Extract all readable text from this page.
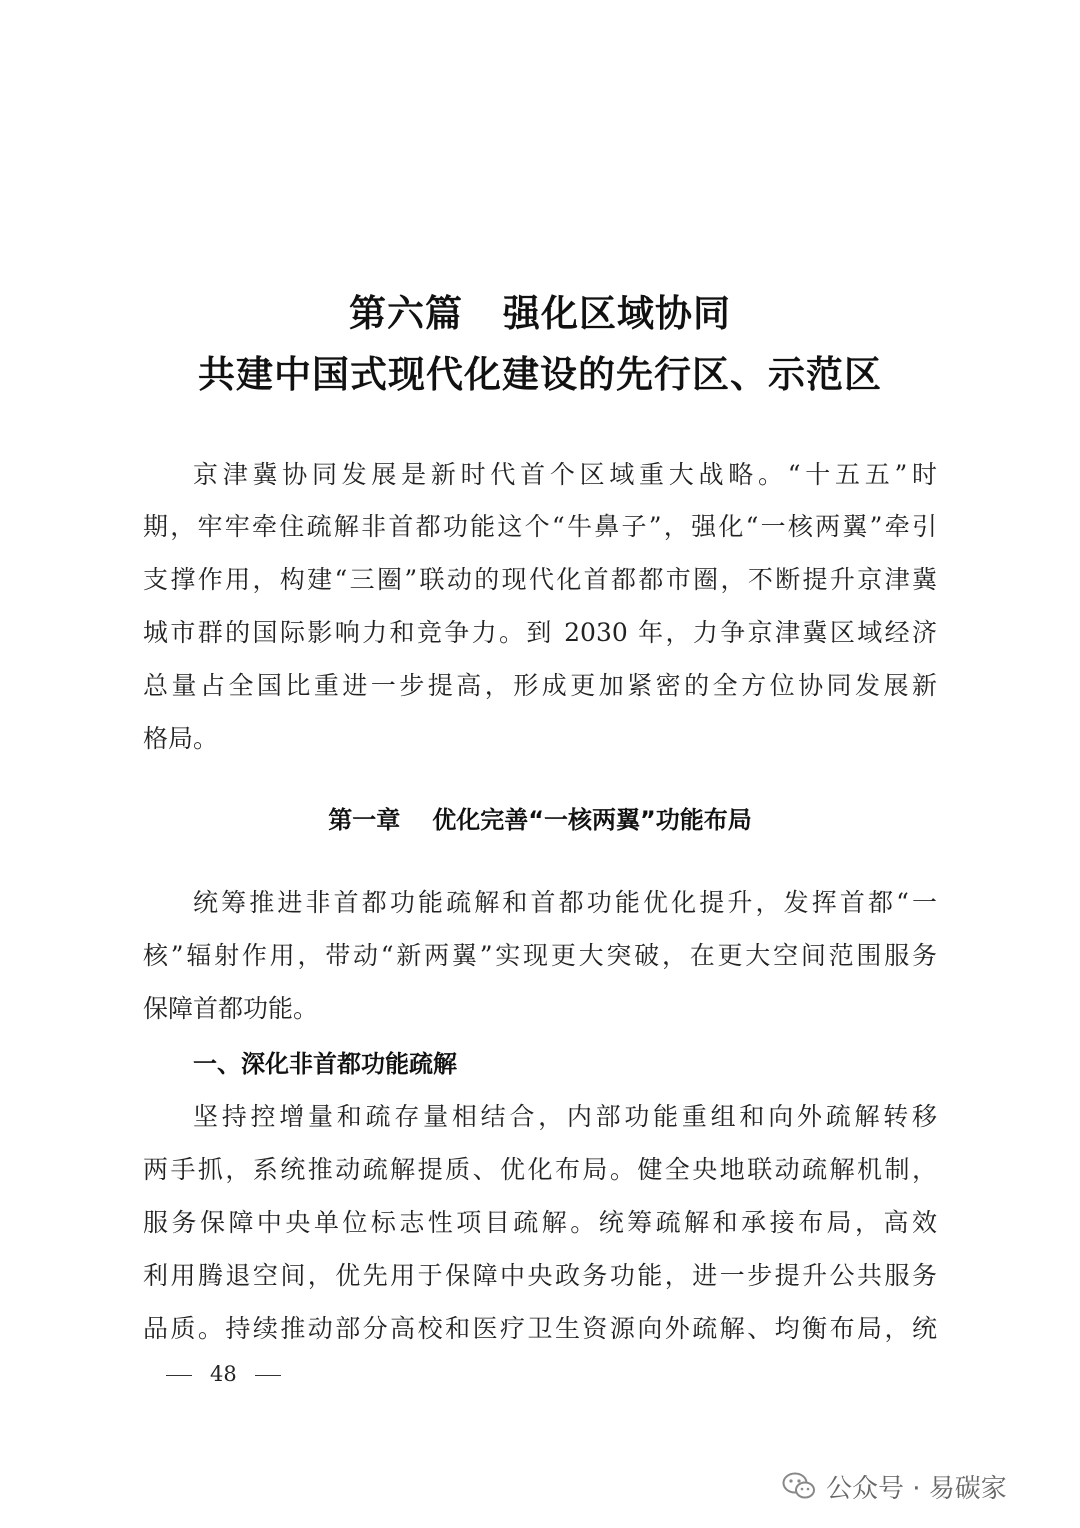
第六篇 强化区域协同
共建中国式现代化建设的先行区、示范区
京津冀协同发展是新时代首个区域重大战略。“十五五”时
期，牢牢牵住疏解非首都功能这个“牛鼻子”，强化“一核两翼”牵引
支撑作用，构建“三圈”联动的现代化首都都市圈，不断提升京津冀
城市群的国际影响力和竞争力。到 2030 年，力争京津冀区域经济
总量占全国比重进一步提高，形成更加紧密的全方位协同发展新
格局。
第一章 优化完善“一核两翼”功能布局
统筹推进非首都功能疏解和首都功能优化提升，发挥首都“一
核”辐射作用，带动“新两翼”实现更大突破，在更大空间范围服务
保障首都功能。
一、深化非首都功能疏解
坚持控增量和疏存量相结合，内部功能重组和向外疏解转移
两手抓，系统推动疏解提质、优化布局。健全央地联动疏解机制，
服务保障中央单位标志性项目疏解。统筹疏解和承接布局，高效
利用腾退空间，优先用于保障中央政务功能，进一步提升公共服务
品质。持续推动部分高校和医疗卫生资源向外疏解、均衡布局，统
48
公众号 · 易碳家
